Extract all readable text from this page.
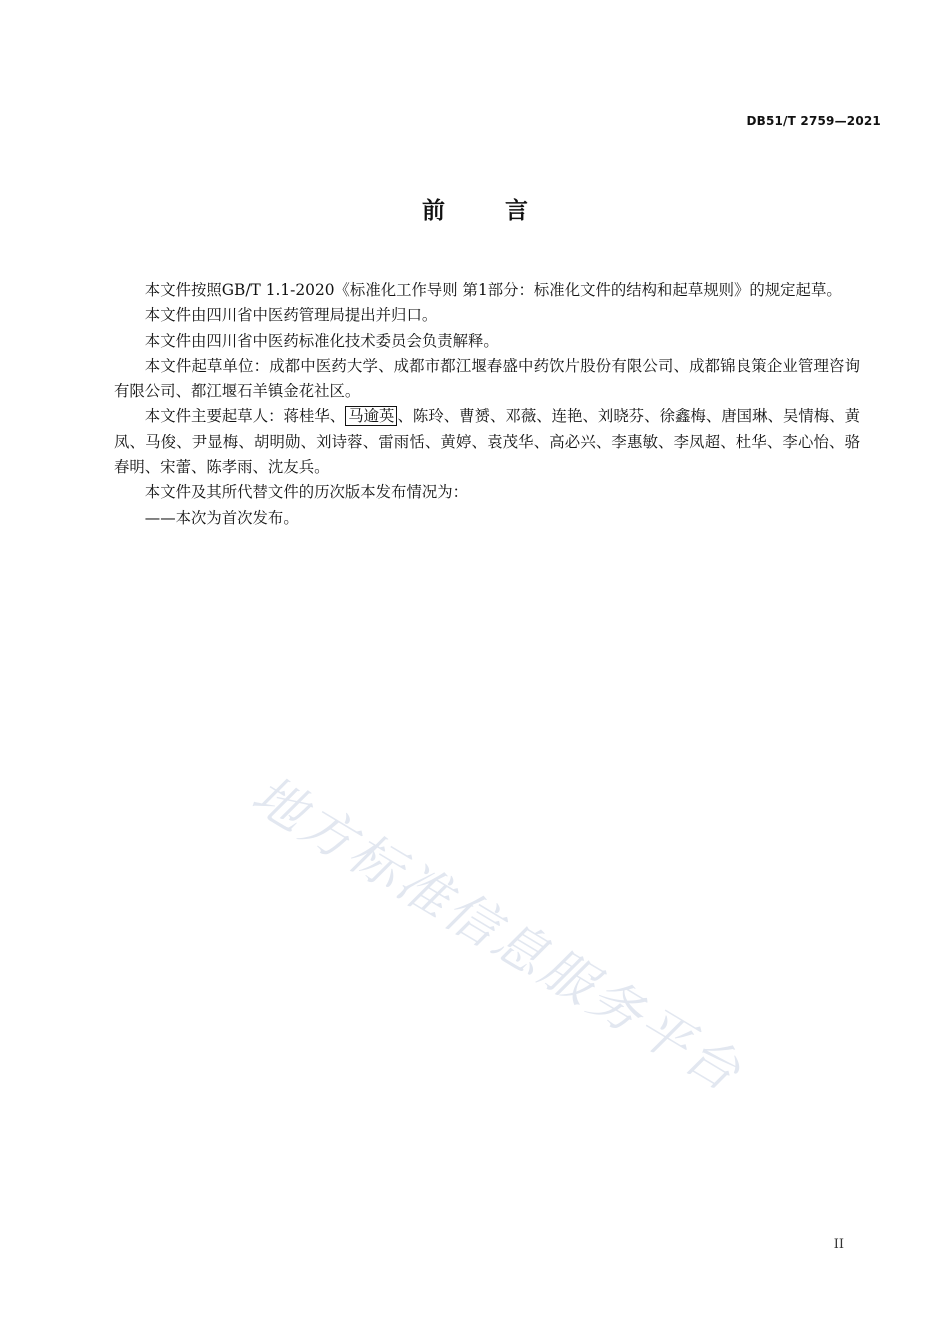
DB51/T 2759—2021
前	言

本文件按照GB/T 1.1-2020《标准化工作导则 第1部分：标准化文件的结构和起草规则》的规定起草。

本文件由四川省中医药管理局提出并归口。

本文件由四川省中医药标准化技术委员会负责解释。

本文件起草单位：成都中医药大学、成都市都江堰春盛中药饮片股份有限公司、成都锦良策企业管理咨询有限公司、都江堰石羊镇金花社区。

本文件主要起草人：蒋桂华、 马逾英 、陈玲、曹赟、邓薇、连艳、刘晓芬、徐鑫梅、唐国琳、吴情梅、黄凤、马俊、尹显梅、胡明勋、刘诗蓉、雷雨恬、黄婷、袁茂华、高必兴、李惠敏、李凤超、杜华、李心怡、骆春明、宋蕾、陈孝雨、沈友兵。

本文件及其所代替文件的历次版本发布情况为：

——本次为首次发布。

地方标准信息服务平台
II
